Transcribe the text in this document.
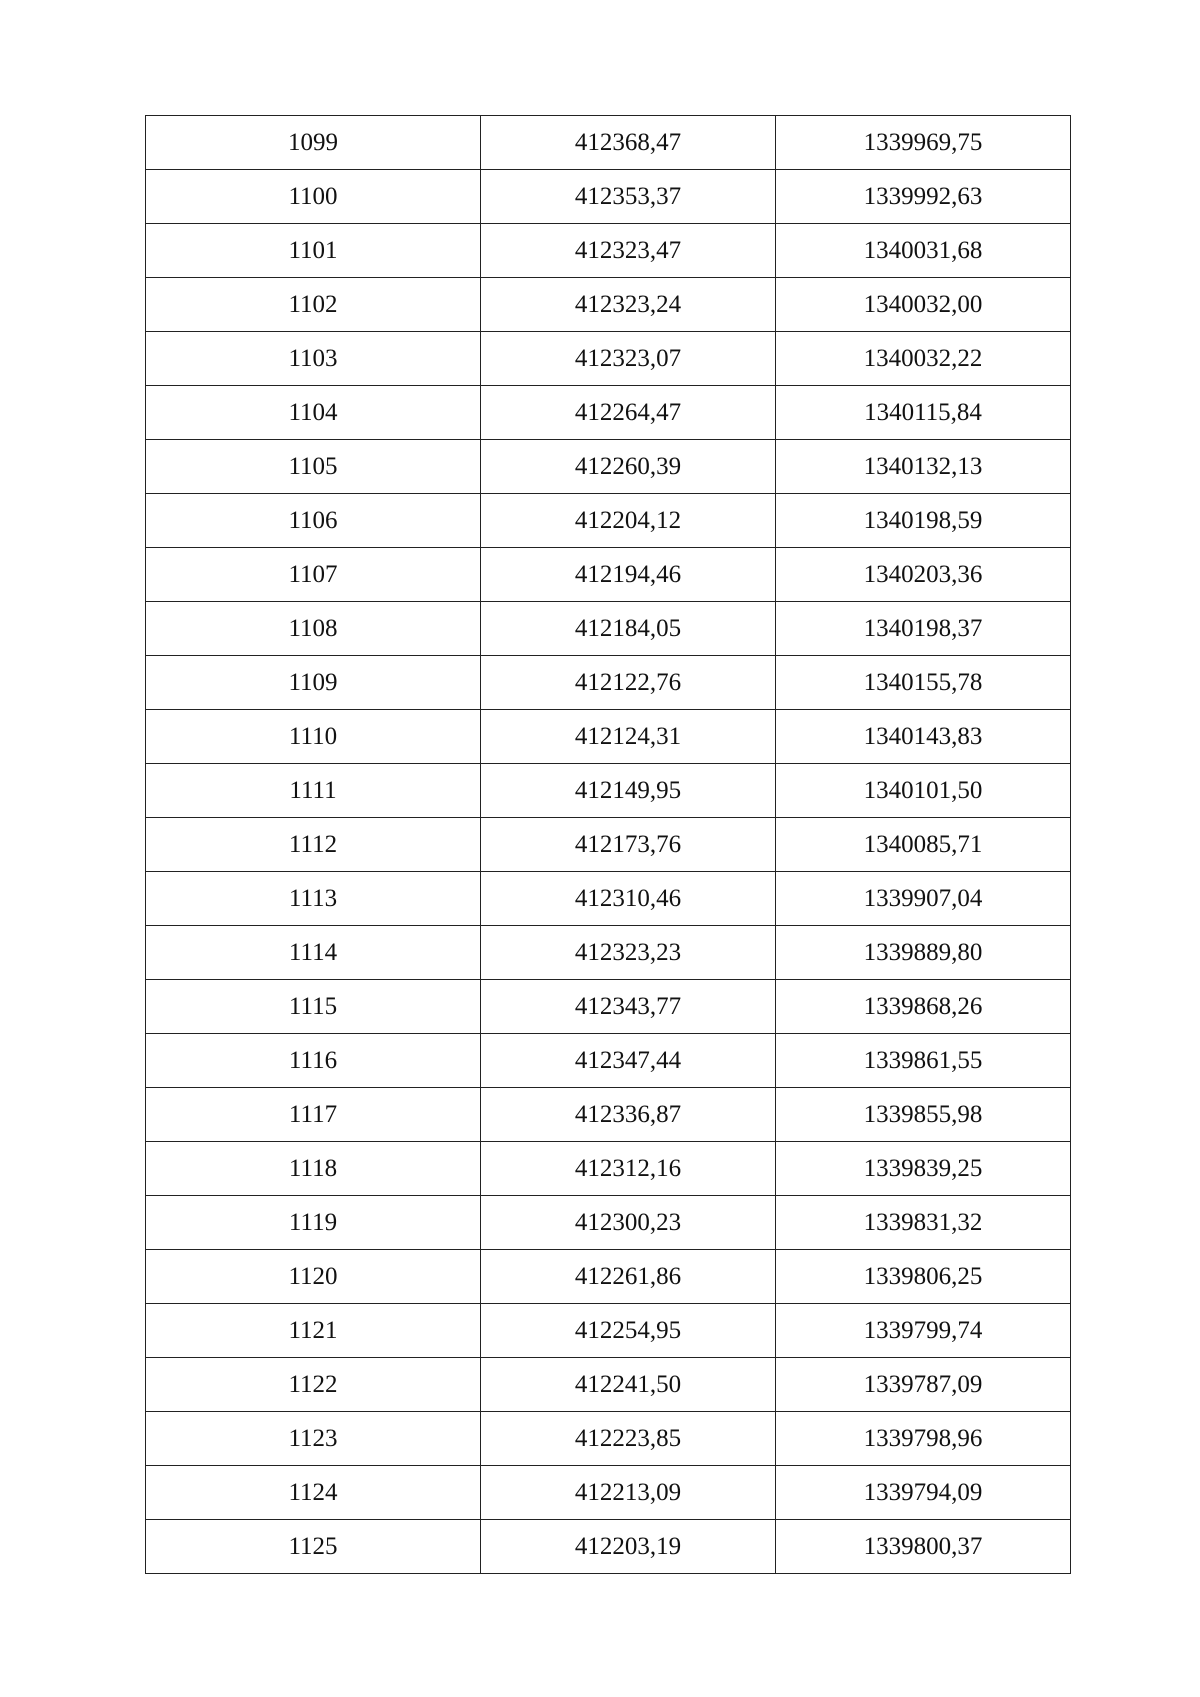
1099	412368,47	1339969,75
1100	412353,37	1339992,63
1101	412323,47	1340031,68
1102	412323,24	1340032,00
1103	412323,07	1340032,22
1104	412264,47	1340115,84
1105	412260,39	1340132,13
1106	412204,12	1340198,59
1107	412194,46	1340203,36
1108	412184,05	1340198,37
1109	412122,76	1340155,78
1110	412124,31	1340143,83
1111	412149,95	1340101,50
1112	412173,76	1340085,71
1113	412310,46	1339907,04
1114	412323,23	1339889,80
1115	412343,77	1339868,26
1116	412347,44	1339861,55
1117	412336,87	1339855,98
1118	412312,16	1339839,25
1119	412300,23	1339831,32
1120	412261,86	1339806,25
1121	412254,95	1339799,74
1122	412241,50	1339787,09
1123	412223,85	1339798,96
1124	412213,09	1339794,09
1125	412203,19	1339800,37
